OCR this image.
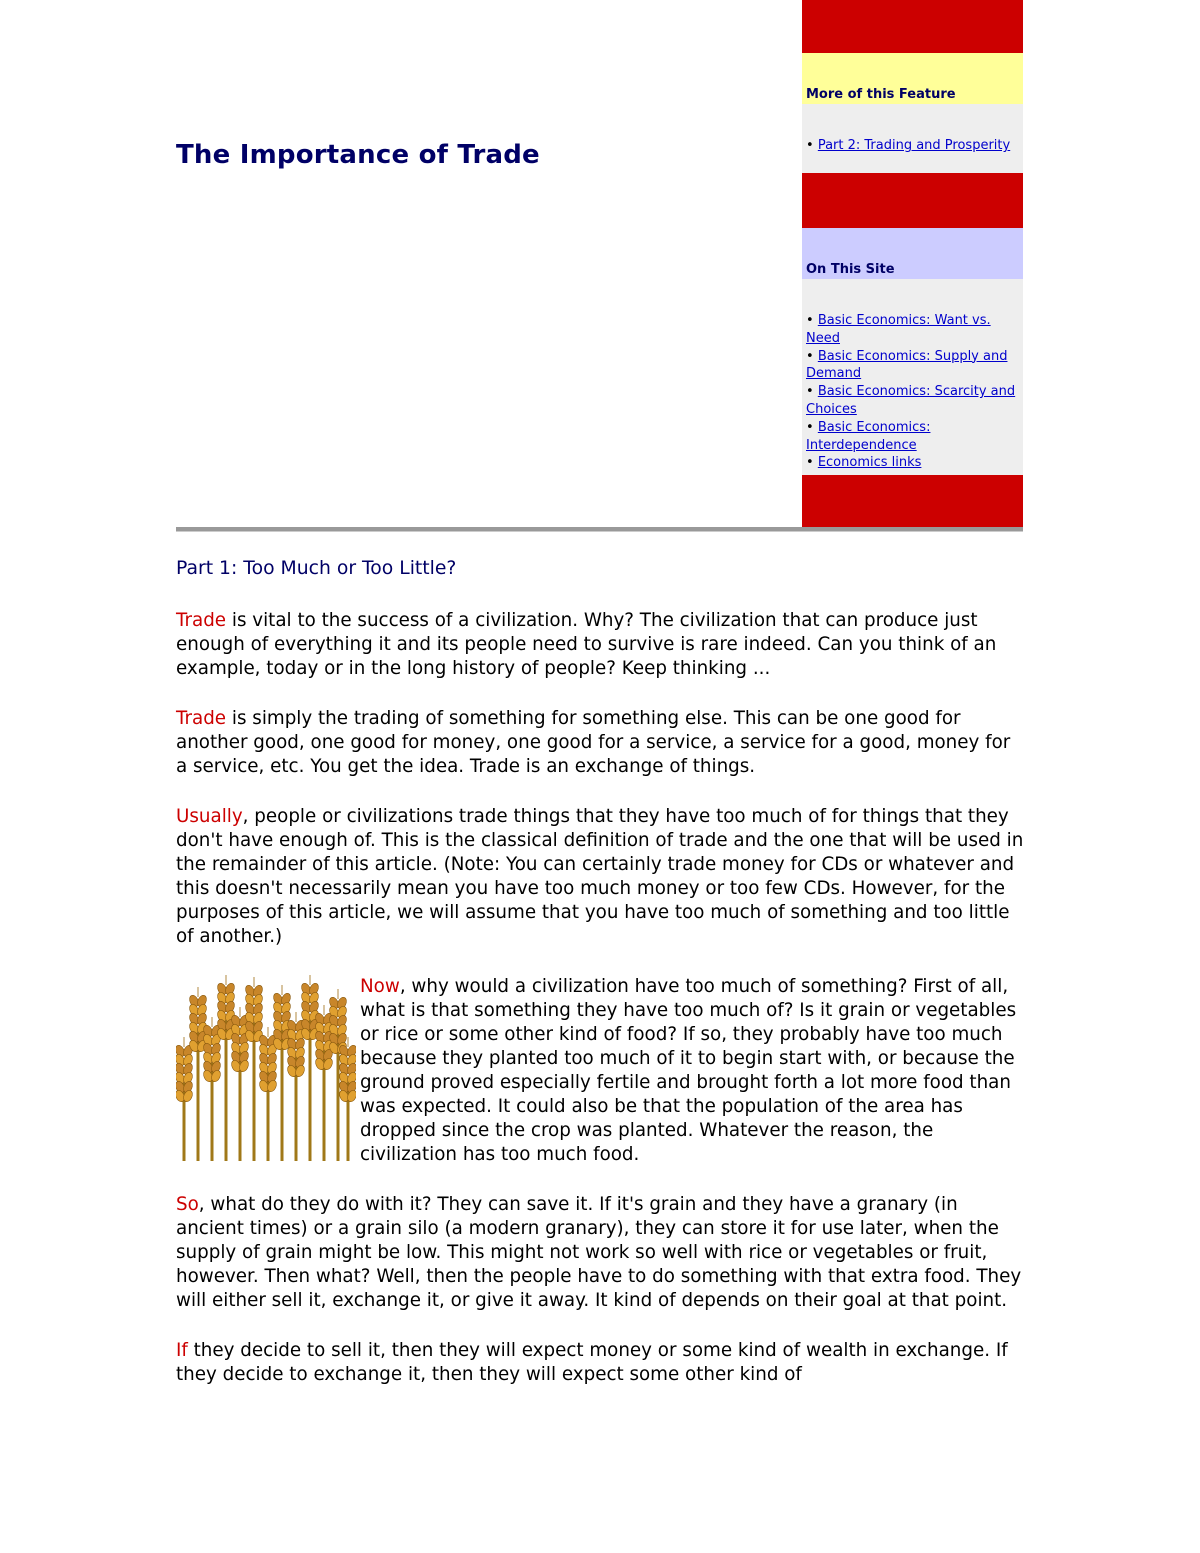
The Importance of Trade
More of this Feature
• Part 2: Trading and Prosperity
On This Site
• Basic Economics: Want vs. Need
• Basic Economics: Supply and Demand
• Basic Economics: Scarcity and Choices
• Basic Economics: Interdependence
• Economics links
Part 1: Too Much or Too Little?

Trade is vital to the success of a civilization. Why? The civilization that can produce just enough of everything it and its people need to survive is rare indeed. Can you think of an example, today or in the long history of people? Keep thinking ...

Trade is simply the trading of something for something else. This can be one good for another good, one good for money, one good for a service, a service for a good, money for a service, etc. You get the idea. Trade is an exchange of things.

Usually, people or civilizations trade things that they have too much of for things that they don't have enough of. This is the classical definition of trade and the one that will be used in the remainder of this article. (Note: You can certainly trade money for CDs or whatever and this doesn't necessarily mean you have too much money or too few CDs. However, for the purposes of this article, we will assume that you have too much of something and too little of another.)

Now, why would a civilization have too much of something? First of all, what is that something they have too much of? Is it grain or vegetables or rice or some other kind of food? If so, they probably have too much because they planted too much of it to begin start with, or because the ground proved especially fertile and brought forth a lot more food than was expected. It could also be that the population of the area has dropped since the crop was planted. Whatever the reason, the civilization has too much food.

So, what do they do with it? They can save it. If it's grain and they have a granary (in ancient times) or a grain silo (a modern granary), they can store it for use later, when the supply of grain might be low. This might not work so well with rice or vegetables or fruit, however. Then what? Well, then the people have to do something with that extra food. They will either sell it, exchange it, or give it away. It kind of depends on their goal at that point.

If they decide to sell it, then they will expect money or some kind of wealth in exchange. If they decide to exchange it, then they will expect some other kind of
